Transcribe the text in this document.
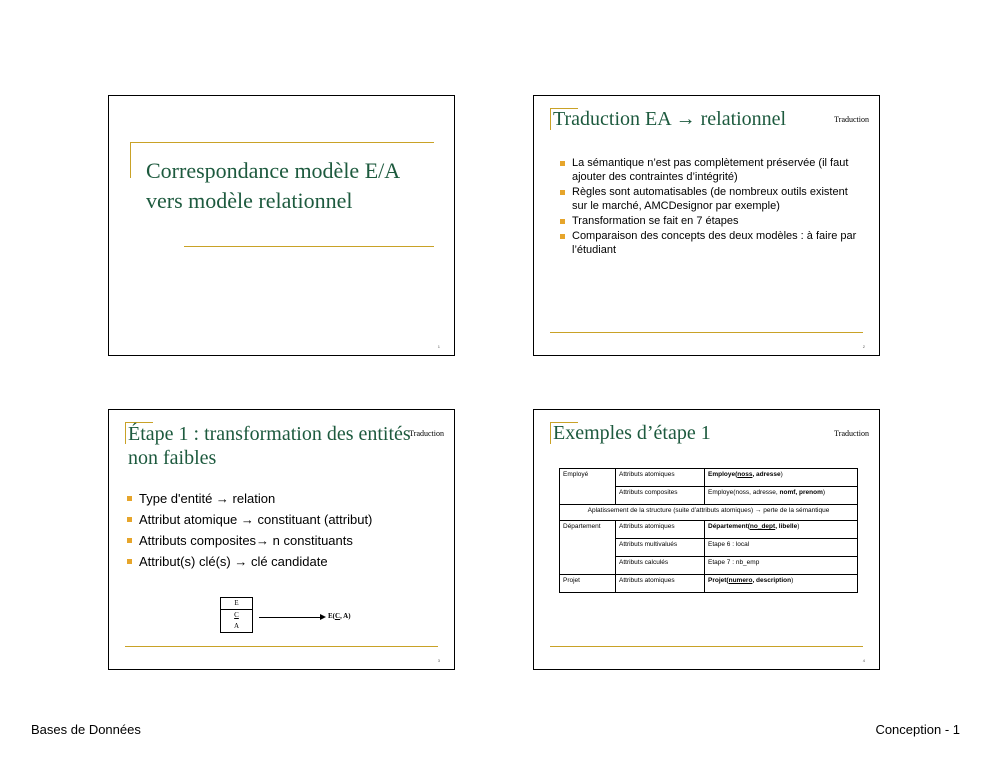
Correspondance modèle E/A
vers modèle relationnel
1
Traduction EA → relationnel	Traduction
La sémantique n’est pas complètement préservée (il faut ajouter des contraintes d’intégrité)
Règles sont automatisables (de nombreux outils existent sur le marché, AMCDesignor par exemple)
Transformation se fait en 7 étapes
Comparaison des concepts des deux modèles : à faire par l’étudiant
2
Étape 1 : transformation des entités non faibles
Traduction
Type d'entité → relation
Attribut atomique → constituant (attribut)
Attributs composites→ n constituants
Attribut(s) clé(s) → clé candidate
E
C
A
E(C, A)
3
Exemples d’étape 1	Traduction
Employé	Attributs atomiques	Employe(noss, adresse)
	Attributs composites	Employe(noss, adresse, nomf, prenom)
Aplatissement de la structure (suite d’attributs atomiques) → perte de la sémantique		
Département	Attributs atomiques	Département(no_dept, libelle)
	Attributs multivalués	Etape 6 : local
	Attributs calculés	Etape 7 : nb_emp
Projet	Attributs atomiques	Projet(numero, description)
4
Bases de Données	Conception - 1
